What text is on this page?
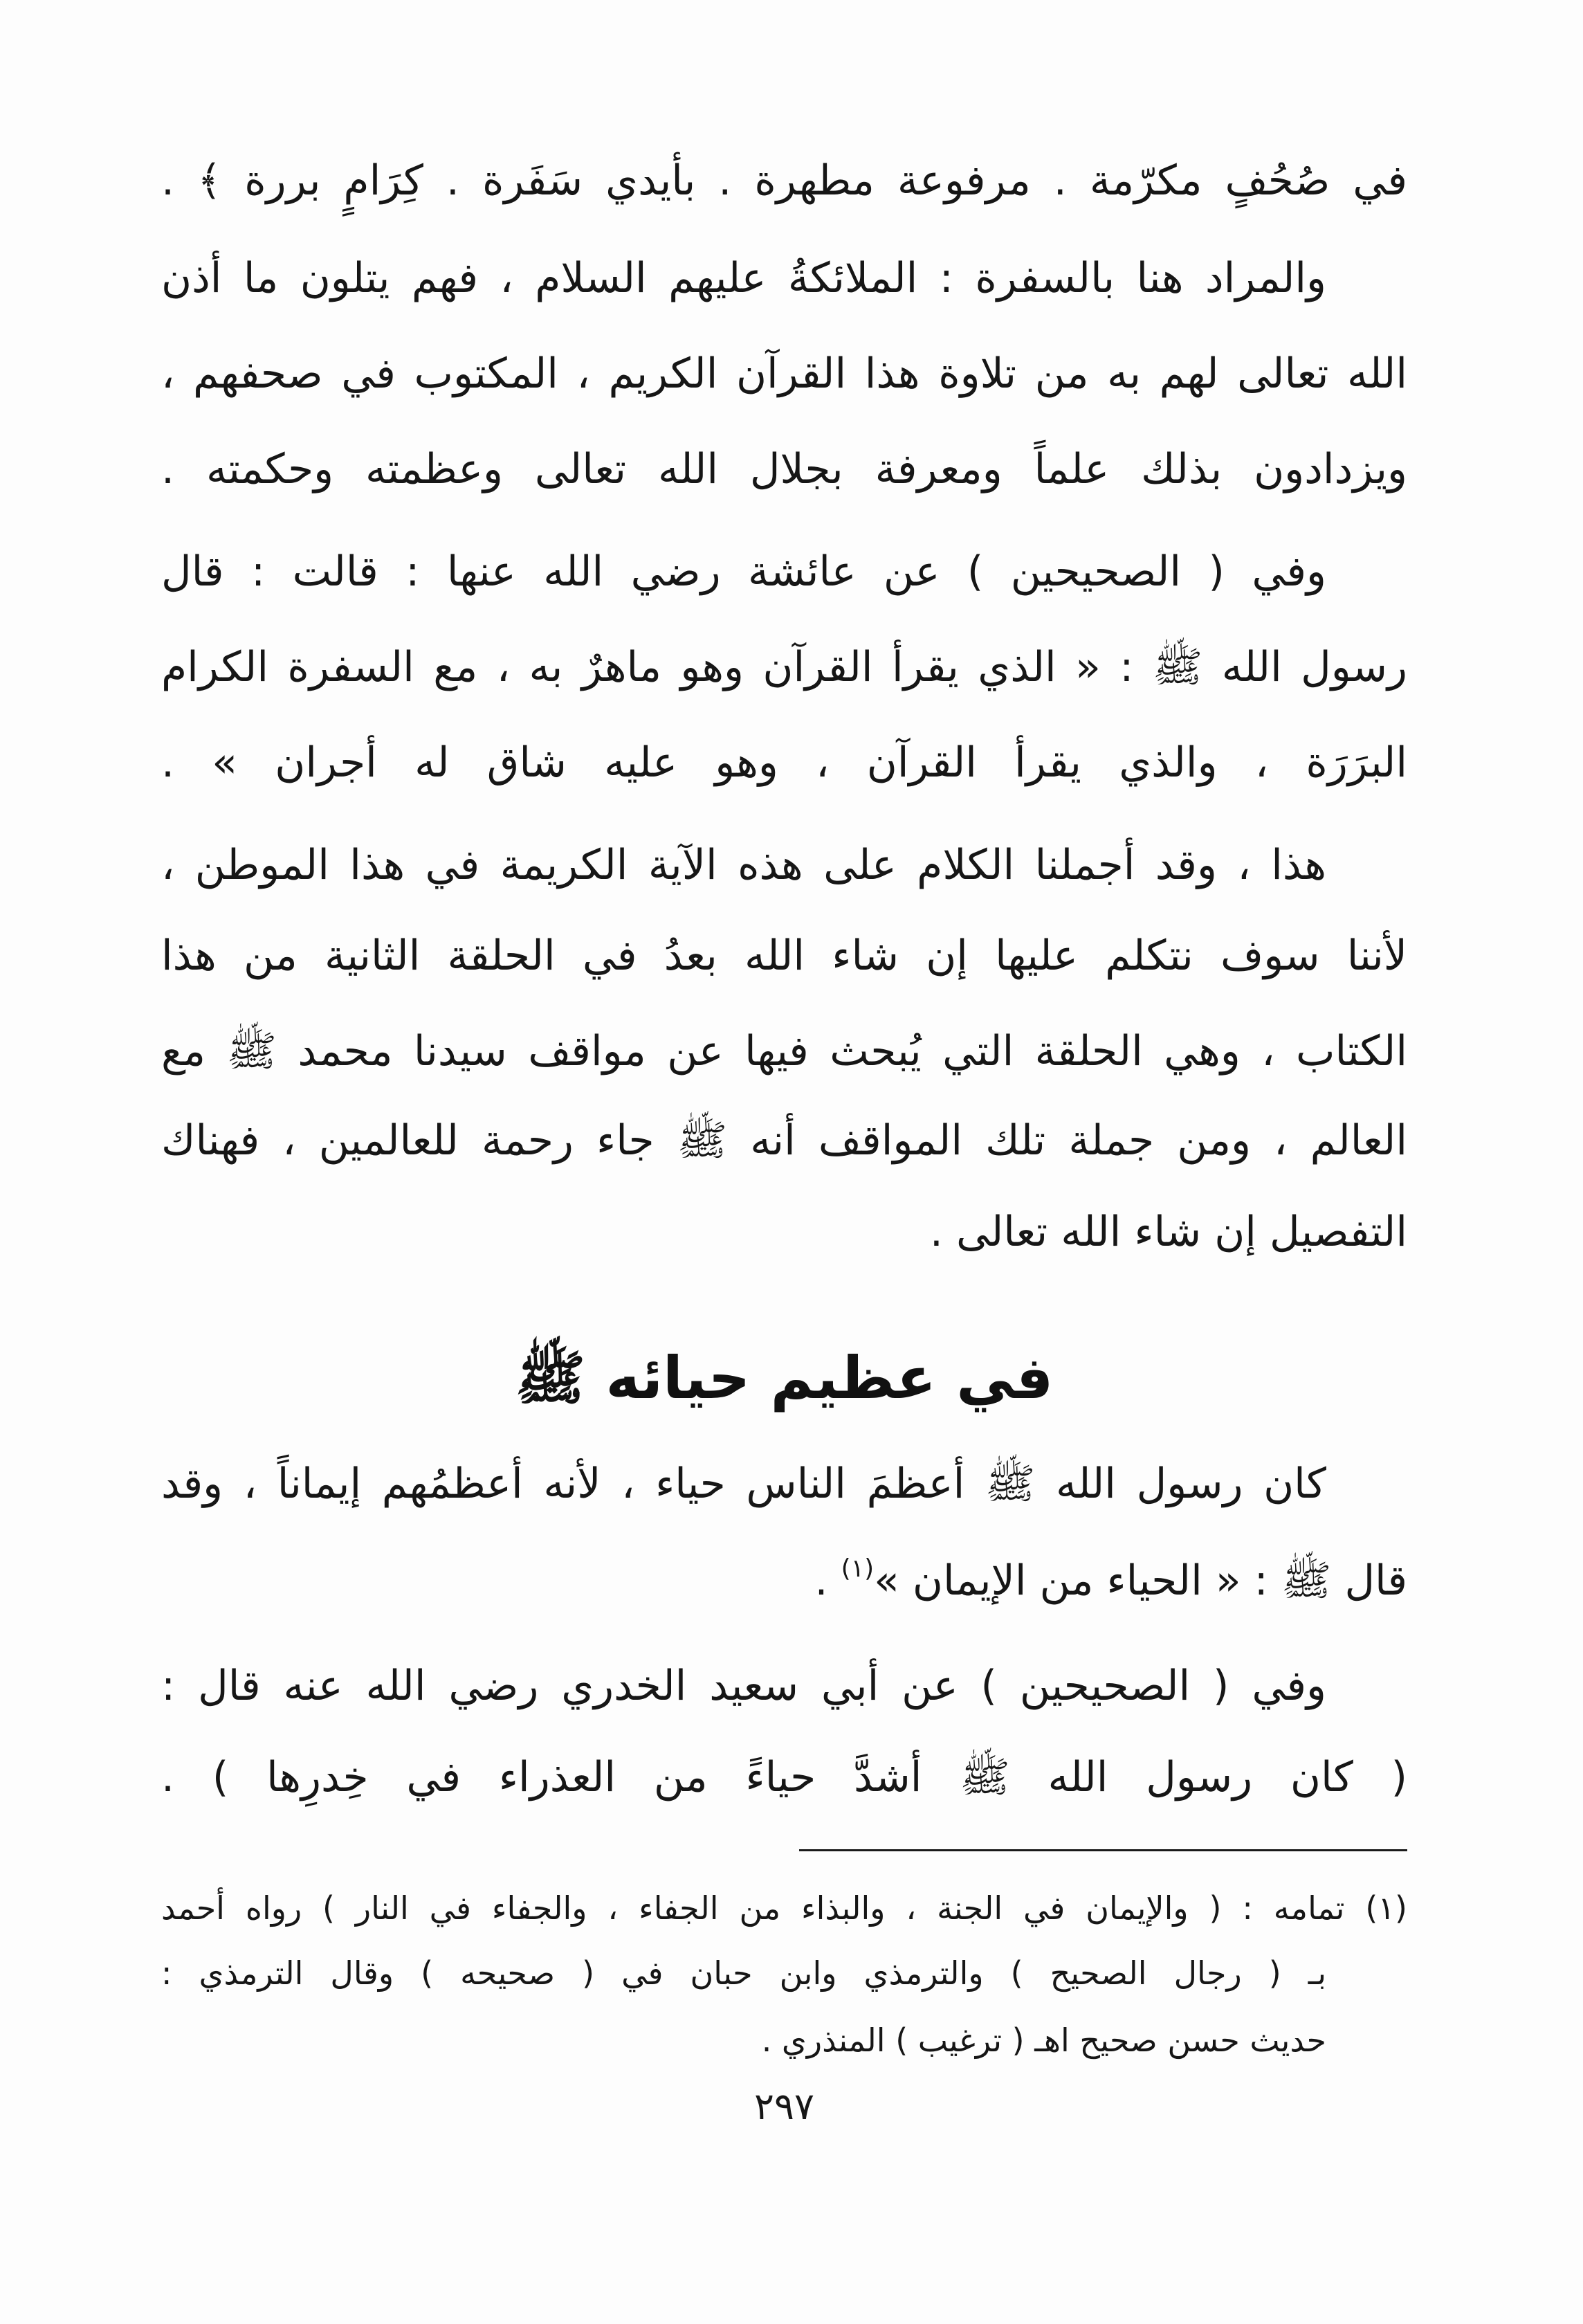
في صُحُفٍ مكرّمة . مرفوعة مطهرة . بأيدي سَفَرة . كِرَامٍ بررة ﴾ .
والمراد هنا بالسفرة : الملائكةُ عليهم السلام ، فهم يتلون ما أذن
الله تعالى لهم به من تلاوة هذا القرآن الكريم ، المكتوب في صحفهم ،
ويزدادون بذلك علماً ومعرفة بجلال الله تعالى وعظمته وحكمته .
وفي ( الصحيحين ) عن عائشة رضي الله عنها : قالت : قال
رسول الله ﷺ : « الذي يقرأ القرآن وهو ماهرٌ به ، مع السفرة الكرام
البرَرَة ، والذي يقرأ القرآن ، وهو عليه شاق له أجران » .
هذا ، وقد أجملنا الكلام على هذه الآية الكريمة في هذا الموطن ،
لأننا سوف نتكلم عليها إن شاء الله بعدُ في الحلقة الثانية من هذا
الكتاب ، وهي الحلقة التي يُبحث فيها عن مواقف سيدنا محمد ﷺ مع
العالم ، ومن جملة تلك المواقف أنه ﷺ جاء رحمة للعالمين ، فهناك
التفصيل إن شاء الله تعالى .
في عظيم حيائه ﷺ
كان رسول الله ﷺ أعظمَ الناس حياء ، لأنه أعظمُهم إيماناً ، وقد
قال ﷺ : « الحياء من الإيمان »$^{(١)}$ .
وفي ( الصحيحين ) عن أبي سعيد الخدري رضي الله عنه قال :
( كان رسول الله ﷺ أشدَّ حياءً من العذراء في خِدرِها ) .
(١) تمامه : ( والإيمان في الجنة ، والبذاء من الجفاء ، والجفاء في النار ) رواه أحمد
بـ ( رجال الصحيح ) والترمذي وابن حبان في ( صحيحه ) وقال الترمذي :
حديث حسن صحيح اهـ ( ترغيب ) المنذري .
٢٩٧
